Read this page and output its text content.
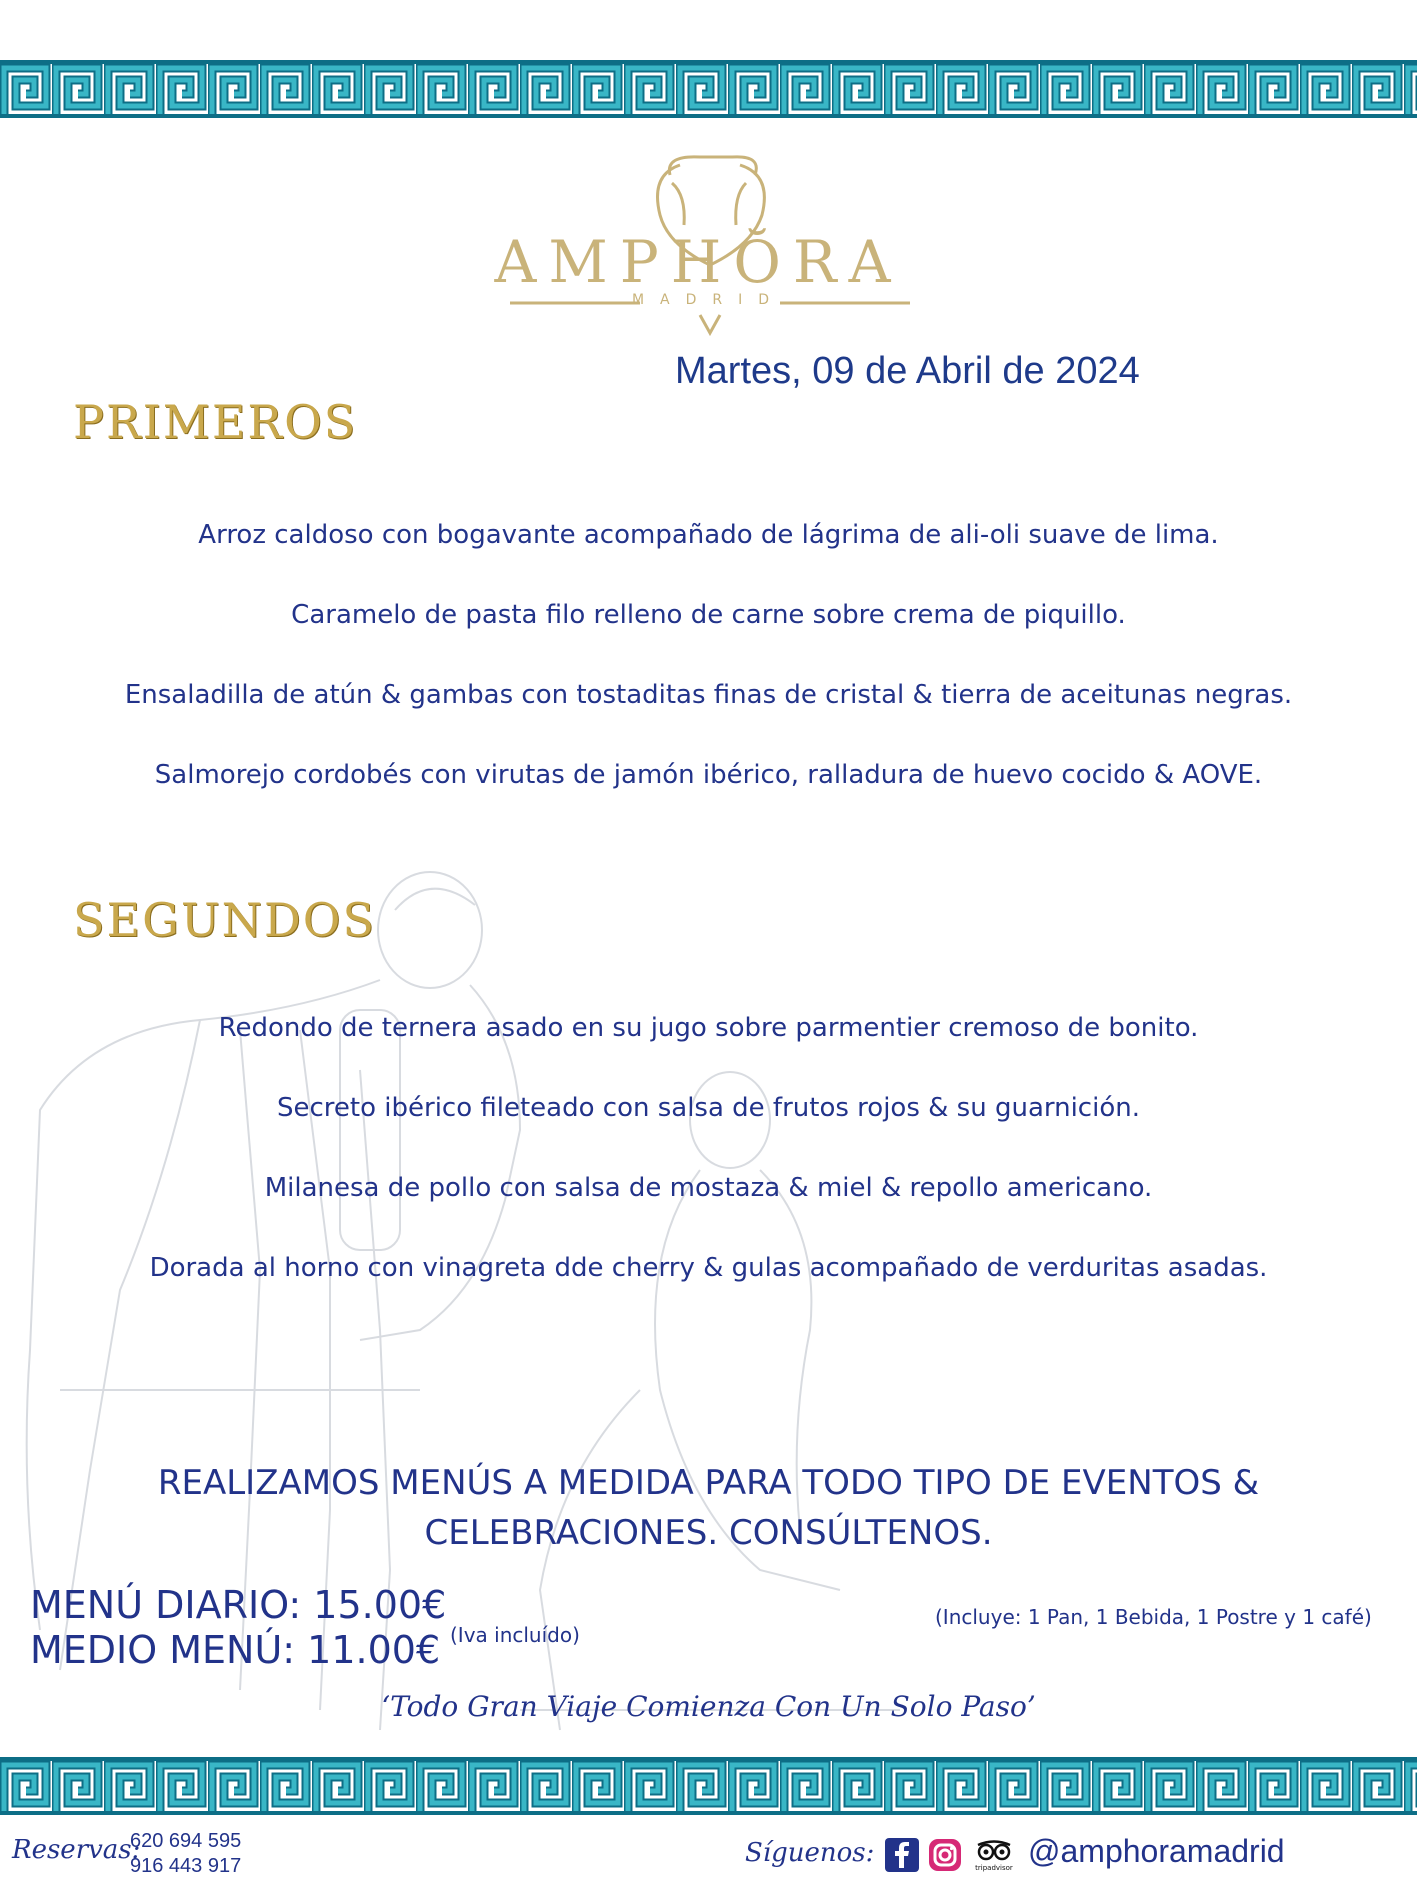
AMPHŎRA
MADRID
Martes, 09 de Abril de 2024
PRIMEROS
Arroz caldoso con bogavante acompañado de lágrima de ali-oli suave de lima.
Caramelo de pasta filo relleno de carne sobre crema de piquillo.
Ensaladilla de atún & gambas con tostaditas finas de cristal & tierra de aceitunas negras.
Salmorejo cordobés con virutas de jamón ibérico, ralladura de huevo cocido & AOVE.
SEGUNDOS
Redondo de ternera asado en su jugo sobre parmentier cremoso de bonito.
Secreto ibérico fileteado con salsa de frutos rojos & su guarnición.
Milanesa de pollo con salsa de mostaza & miel & repollo americano.
Dorada al horno con vinagreta dde cherry & gulas acompañado de verduritas asadas.
REALIZAMOS MENÚS A MEDIDA PARA TODO TIPO DE EVENTOS &
CELEBRACIONES. CONSÚLTENOS.
MENÚ DIARIO: 15.00€
MEDIO MENÚ: 11.00€ (Iva incluído)
(Incluye: 1 Pan, 1 Bebida, 1 Postre y 1 café)
‘Todo Gran Viaje Comienza Con Un Solo Paso’
Reservas:
620 694 595
916 443 917	Síguenos:	tripadvisor @amphoramadrid
